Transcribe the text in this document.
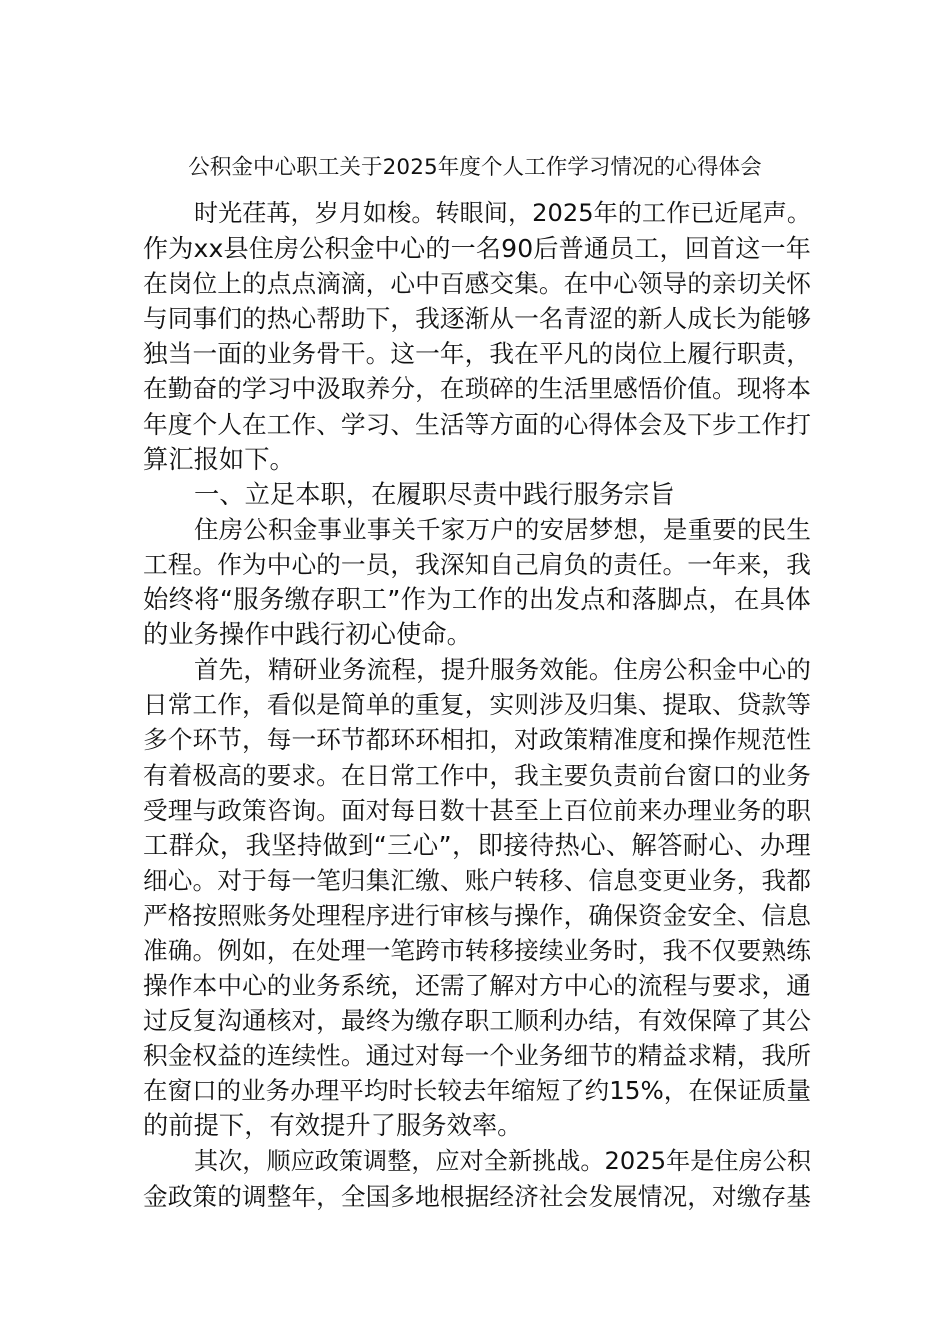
公积金中心职工关于2025年度个人工作学习情况的心得体会
时光荏苒，岁月如梭。转眼间，2025年的工作已近尾声。
作为xx县住房公积金中心的一名90后普通员工，回首这一年
在岗位上的点点滴滴，心中百感交集。在中心领导的亲切关怀
与同事们的热心帮助下，我逐渐从一名青涩的新人成长为能够
独当一面的业务骨干。这一年，我在平凡的岗位上履行职责，
在勤奋的学习中汲取养分，在琐碎的生活里感悟价值。现将本
年度个人在工作、学习、生活等方面的心得体会及下步工作打
算汇报如下。
一、立足本职，在履职尽责中践行服务宗旨
住房公积金事业事关千家万户的安居梦想，是重要的民生
工程。作为中心的一员，我深知自己肩负的责任。一年来，我
始终将“服务缴存职工”作为工作的出发点和落脚点，在具体
的业务操作中践行初心使命。
首先，精研业务流程，提升服务效能。住房公积金中心的
日常工作，看似是简单的重复，实则涉及归集、提取、贷款等
多个环节，每一环节都环环相扣，对政策精准度和操作规范性
有着极高的要求。在日常工作中，我主要负责前台窗口的业务
受理与政策咨询。面对每日数十甚至上百位前来办理业务的职
工群众，我坚持做到“三心”，即接待热心、解答耐心、办理
细心。对于每一笔归集汇缴、账户转移、信息变更业务，我都
严格按照账务处理程序进行审核与操作，确保资金安全、信息
准确。例如，在处理一笔跨市转移接续业务时，我不仅要熟练
操作本中心的业务系统，还需了解对方中心的流程与要求，通
过反复沟通核对，最终为缴存职工顺利办结，有效保障了其公
积金权益的连续性。通过对每一个业务细节的精益求精，我所
在窗口的业务办理平均时长较去年缩短了约15%，在保证质量
的前提下，有效提升了服务效率。
其次，顺应政策调整，应对全新挑战。2025年是住房公积
金政策的调整年，全国多地根据经济社会发展情况，对缴存基
